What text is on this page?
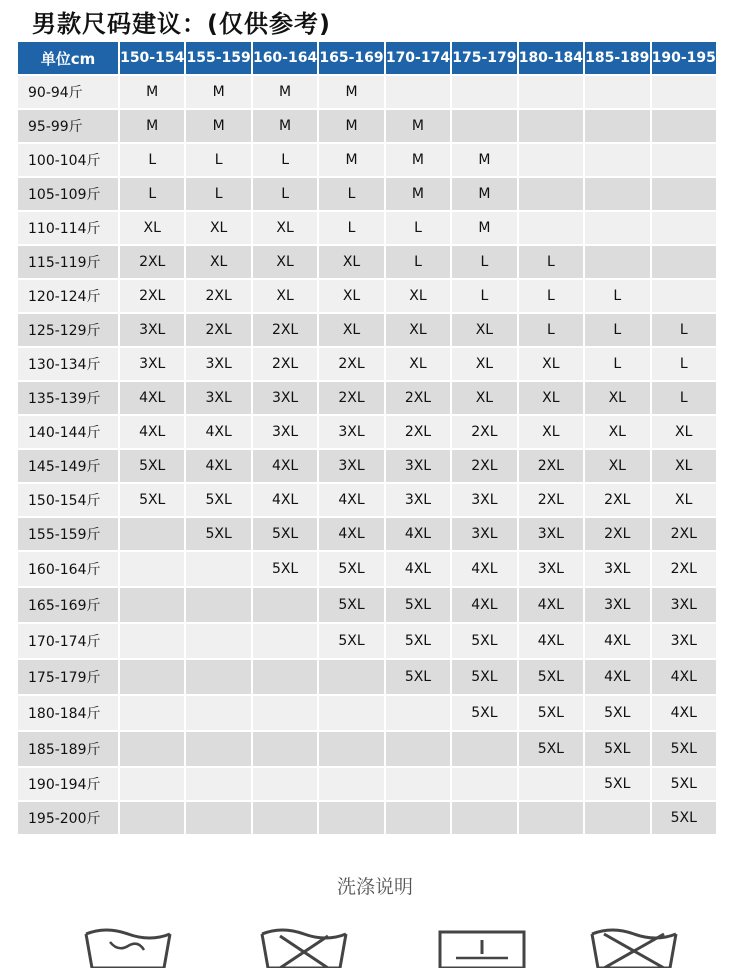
男款尺码建议：(仅供参考)
单位cm	150-154	155-159	160-164	165-169	170-174	175-179	180-184	185-189	190-195
90-94斤	M	M	M	M					
95-99斤	M	M	M	M	M				
100-104斤	L	L	L	M	M	M			
105-109斤	L	L	L	L	M	M			
110-114斤	XL	XL	XL	L	L	M			
115-119斤	2XL	XL	XL	XL	L	L	L		
120-124斤	2XL	2XL	XL	XL	XL	L	L	L	
125-129斤	3XL	2XL	2XL	XL	XL	XL	L	L	L
130-134斤	3XL	3XL	2XL	2XL	XL	XL	XL	L	L
135-139斤	4XL	3XL	3XL	2XL	2XL	XL	XL	XL	L
140-144斤	4XL	4XL	3XL	3XL	2XL	2XL	XL	XL	XL
145-149斤	5XL	4XL	4XL	3XL	3XL	2XL	2XL	XL	XL
150-154斤	5XL	5XL	4XL	4XL	3XL	3XL	2XL	2XL	XL
155-159斤		5XL	5XL	4XL	4XL	3XL	3XL	2XL	2XL
160-164斤			5XL	5XL	4XL	4XL	3XL	3XL	2XL
165-169斤				5XL	5XL	4XL	4XL	3XL	3XL
170-174斤				5XL	5XL	5XL	4XL	4XL	3XL
175-179斤					5XL	5XL	5XL	4XL	4XL
180-184斤						5XL	5XL	5XL	4XL
185-189斤							5XL	5XL	5XL
190-194斤								5XL	5XL
195-200斤									5XL
洗涤说明
